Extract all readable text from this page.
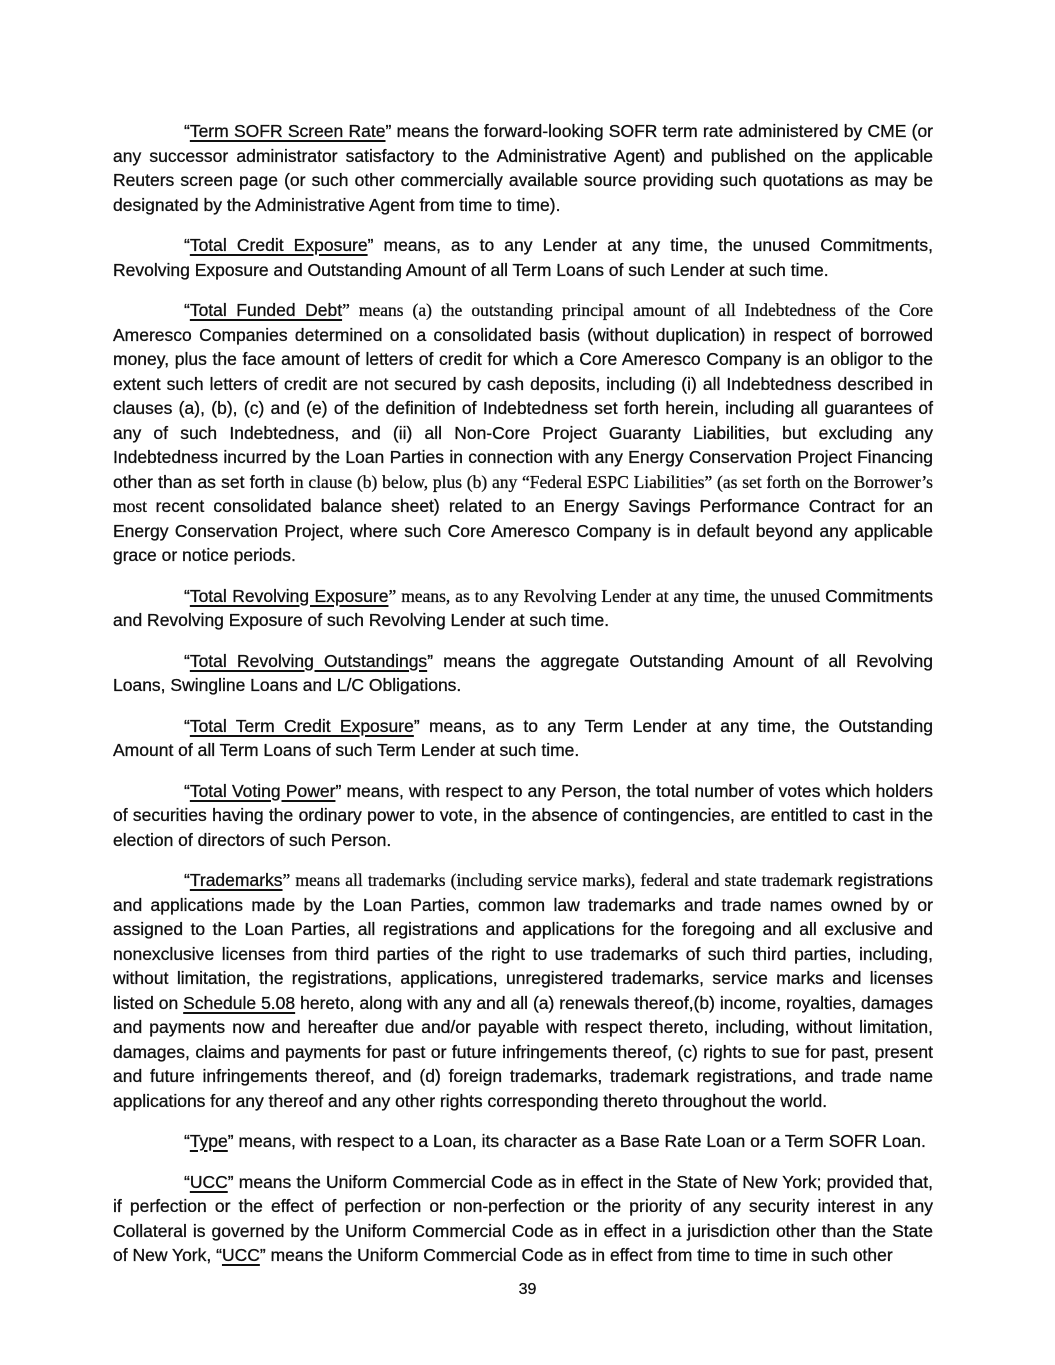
“Term SOFR Screen Rate” means the forward-looking SOFR term rate administered by CME (or any successor administrator satisfactory to the Administrative Agent) and published on the applicable Reuters screen page (or such other commercially available source providing such quotations as may be designated by the Administrative Agent from time to time).

“Total Credit Exposure” means, as to any Lender at any time, the unused Commitments, Revolving Exposure and Outstanding Amount of all Term Loans of such Lender at such time.

“Total Funded Debt” means (a) the outstanding principal amount of all Indebtedness of the Core Ameresco Companies determined on a consolidated basis (without duplication) in respect of borrowed money, plus the face amount of letters of credit for which a Core Ameresco Company is an obligor to the extent such letters of credit are not secured by cash deposits, including (i) all Indebtedness described in clauses (a), (b), (c) and (e) of the definition of Indebtedness set forth herein, including all guarantees of any of such Indebtedness, and (ii) all Non-Core Project Guaranty Liabilities, but excluding any Indebtedness incurred by the Loan Parties in connection with any Energy Conservation Project Financing other than as set forth in clause (b) below, plus (b) any “Federal ESPC Liabilities” (as set forth on the Borrower’s most recent consolidated balance sheet) related to an Energy Savings Performance Contract for an Energy Conservation Project, where such Core Ameresco Company is in default beyond any applicable grace or notice periods.

“Total Revolving Exposure” means, as to any Revolving Lender at any time, the unused Commitments and Revolving Exposure of such Revolving Lender at such time.

“Total Revolving Outstandings” means the aggregate Outstanding Amount of all Revolving Loans, Swingline Loans and L/C Obligations.

“Total Term Credit Exposure” means, as to any Term Lender at any time, the Outstanding Amount of all Term Loans of such Term Lender at such time.

“Total Voting Power” means, with respect to any Person, the total number of votes which holders of securities having the ordinary power to vote, in the absence of contingencies, are entitled to cast in the election of directors of such Person.

“Trademarks” means all trademarks (including service marks), federal and state trademark registrations and applications made by the Loan Parties, common law trademarks and trade names owned by or assigned to the Loan Parties, all registrations and applications for the foregoing and all exclusive and nonexclusive licenses from third parties of the right to use trademarks of such third parties, including, without limitation, the registrations, applications, unregistered trademarks, service marks and licenses listed on Schedule 5.08 hereto, along with any and all (a) renewals thereof,(b) income, royalties, damages and payments now and hereafter due and/or payable with respect thereto, including, without limitation, damages, claims and payments for past or future infringements thereof, (c) rights to sue for past, present and future infringements thereof, and (d) foreign trademarks, trademark registrations, and trade name applications for any thereof and any other rights corresponding thereto throughout the world.

“Type” means, with respect to a Loan, its character as a Base Rate Loan or a Term SOFR Loan.

“UCC” means the Uniform Commercial Code as in effect in the State of New York; provided that, if perfection or the effect of perfection or non-perfection or the priority of any security interest in any Collateral is governed by the Uniform Commercial Code as in effect in a jurisdiction other than the State of New York, “UCC” means the Uniform Commercial Code as in effect from time to time in such other

39
